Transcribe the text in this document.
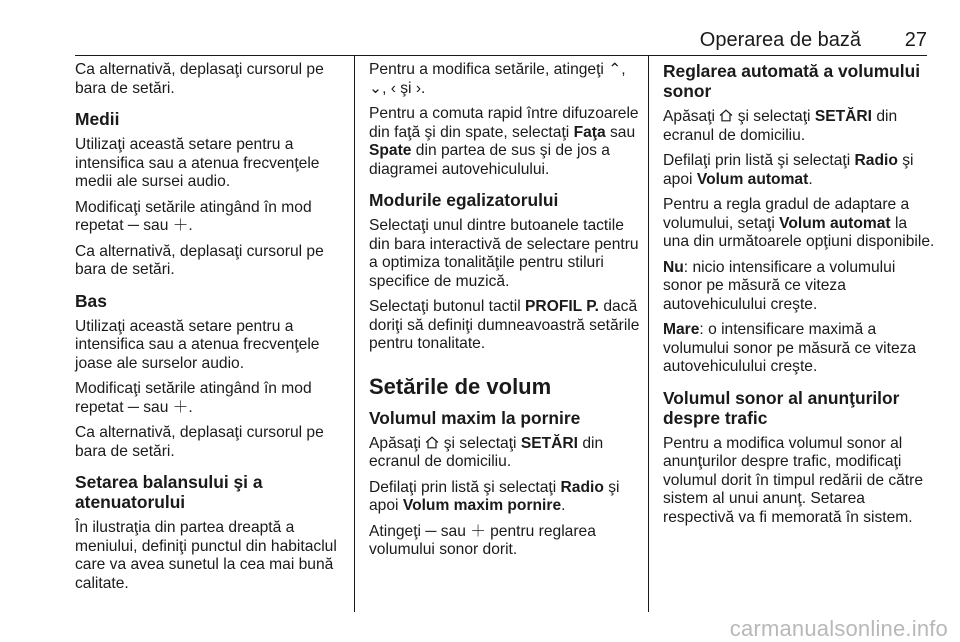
Operarea de bază 27

Ca alternativă, deplasaţi cursorul pe bara de setări.

Medii

Utilizaţi această setare pentru a intensifica sau a atenua frecvenţele medii ale sursei audio.

Modificaţi setările atingând în mod repetat ─ sau ＋.

Ca alternativă, deplasaţi cursorul pe bara de setări.

Bas

Utilizaţi această setare pentru a intensifica sau a atenua frecvenţele joase ale surselor audio.

Modificaţi setările atingând în mod repetat ─ sau ＋.

Ca alternativă, deplasaţi cursorul pe bara de setări.

Setarea balansului şi a atenuatorului

În ilustraţia din partea dreaptă a meniului, definiţi punctul din habitaclul care va avea sunetul la cea mai bună calitate.

Pentru a modifica setările, atingeţi ⌃, ⌄, ‹ şi ›.

Pentru a comuta rapid între difuzoarele din faţă şi din spate, selectaţi Faţa sau Spate din partea de sus şi de jos a diagramei autovehiculului.

Modurile egalizatorului

Selectaţi unul dintre butoanele tactile din bara interactivă de selectare pentru a optimiza tonalităţile pentru stiluri specifice de muzică.

Selectaţi butonul tactil PROFIL P. dacă doriţi să definiţi dumneavoastră setările pentru tonalitate.

Setările de volum
Volumul maxim la pornire

Apăsaţi  şi selectaţi SETĂRI din ecranul de domiciliu.

Defilaţi prin listă şi selectaţi Radio şi apoi Volum maxim pornire.

Atingeţi ─ sau ＋ pentru reglarea volumului sonor dorit.

Reglarea automată a volumului sonor

Apăsaţi  şi selectaţi SETĂRI din ecranul de domiciliu.

Defilaţi prin listă şi selectaţi Radio şi apoi Volum automat.

Pentru a regla gradul de adaptare a volumului, setaţi Volum automat la una din următoarele opţiuni disponibile.

Nu: nicio intensificare a volumului sonor pe măsură ce viteza autovehiculului creşte.

Mare: o intensificare maximă a volumului sonor pe măsură ce viteza autovehiculului creşte.

Volumul sonor al anunţurilor despre trafic

Pentru a modifica volumul sonor al anunţurilor despre trafic, modificaţi volumul dorit în timpul redării de către sistem al unui anunţ. Setarea respectivă va fi memorată în sistem.

carmanualsonline.info
